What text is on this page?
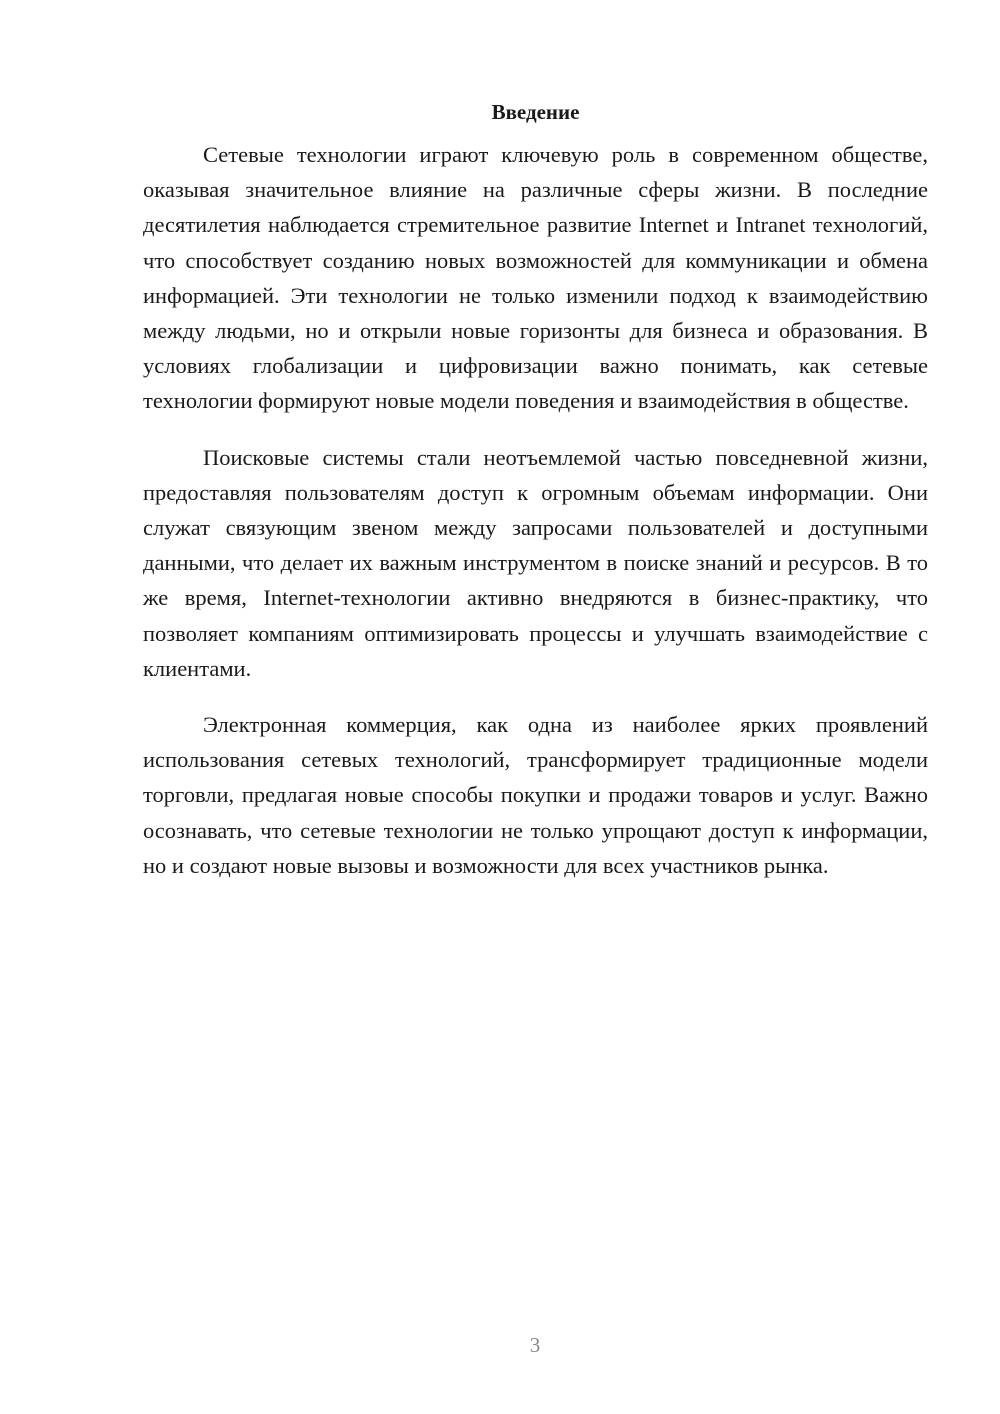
Введение

Сетевые технологии играют ключевую роль в современном обществе, оказывая значительное влияние на различные сферы жизни. В последние десятилетия наблюдается стремительное развитие Internet и Intranet технологий, что способствует созданию новых возможностей для коммуникации и обмена информацией. Эти технологии не только изменили подход к взаимодействию между людьми, но и открыли новые горизонты для бизнеса и образования. В условиях глобализации и цифровизации важно понимать, как сетевые технологии формируют новые модели поведения и взаимодействия в обществе.

Поисковые системы стали неотъемлемой частью повседневной жизни, предоставляя пользователям доступ к огромным объемам информации. Они служат связующим звеном между запросами пользователей и доступными данными, что делает их важным инструментом в поиске знаний и ресурсов. В то же время, Internet-технологии активно внедряются в бизнес-практику, что позволяет компаниям оптимизировать процессы и улучшать взаимодействие с клиентами.

Электронная коммерция, как одна из наиболее ярких проявлений использования сетевых технологий, трансформирует традиционные модели торговли, предлагая новые способы покупки и продажи товаров и услуг. Важно осознавать, что сетевые технологии не только упрощают доступ к информации, но и создают новые вызовы и возможности для всех участников рынка.

3
